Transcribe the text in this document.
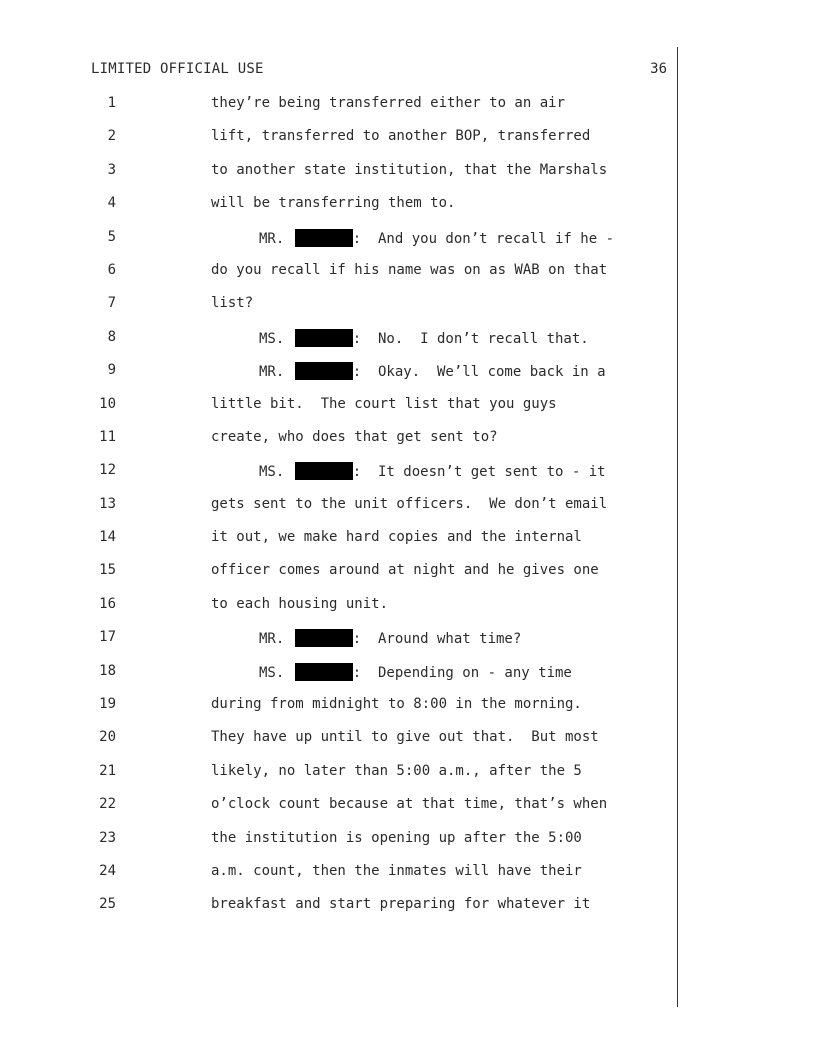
LIMITED OFFICIAL USE	36
1	they’re being transferred either to an air
2	lift, transferred to another BOP, transferred
3	to another state institution, that the Marshals
4	will be transferring them to.
5	MR.	:  And you don’t recall if he -
6	do you recall if his name was on as WAB on that
7	list?
8	MS.	:  No.  I don’t recall that.
9	MR.	:  Okay.  We’ll come back in a
10	little bit.  The court list that you guys
11	create, who does that get sent to?
12	MS.	:  It doesn’t get sent to - it
13	gets sent to the unit officers.  We don’t email
14	it out, we make hard copies and the internal
15	officer comes around at night and he gives one
16	to each housing unit.
17	MR.	:  Around what time?
18	MS.	:  Depending on - any time
19	during from midnight to 8:00 in the morning.
20	They have up until to give out that.  But most
21	likely, no later than 5:00 a.m., after the 5
22	o’clock count because at that time, that’s when
23	the institution is opening up after the 5:00
24	a.m. count, then the inmates will have their
25	breakfast and start preparing for whatever it
